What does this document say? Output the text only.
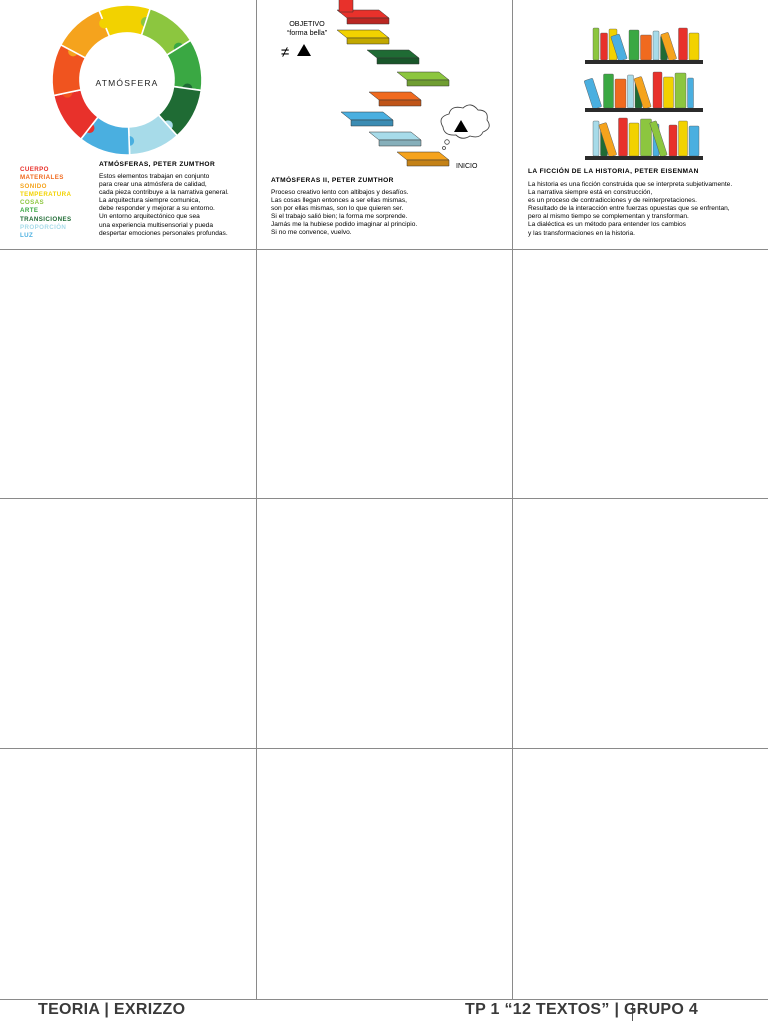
ATMÓSFERA
CUERPO
MATERIALES
SONIDO
TEMPERATURA
COSAS
ARTE
TRANSICIONES
PROPORCIÓN
LUZ
ATMÓSFERAS, PETER ZUMTHOR
Estos elementos trabajan en conjunto
para crear una atmósfera de calidad,
cada pieza contribuye a la narrativa general.
La arquitectura siempre comunica,
debe responder y mejorar a su entorno.
Un entorno arquitectónico que sea
una experiencia multisensorial y pueda
despertar emociones personales profundas.
OBJETIVO
“forma bella”
≠
INICIO
ATMÓSFERAS II, PETER ZUMTHOR
Proceso creativo lento con altibajos y desafíos.
Las cosas llegan entonces a ser ellas mismas,
son por ellas mismas, son lo que quieren ser.
Si el trabajo salió bien; la forma me sorprende.
Jamás me la hubiese podido imaginar al principio.
Si no me convence, vuelvo.
LA FICCIÓN DE LA HISTORIA, PETER EISENMAN
La historia es una ficción construida que se interpreta subjetivamente.
La narrativa siempre está en construcción,
es un proceso de contradicciones y de reinterpretaciones.
Resultado de la interacción entre fuerzas opuestas que se enfrentan,
pero al mismo tiempo se complementan y transforman.
La dialéctica es un método para entender los cambios
y las transformaciones en la historia.
TEORIA | EXRIZZO	TP 1 “12 TEXTOS” | GRUPO 4
